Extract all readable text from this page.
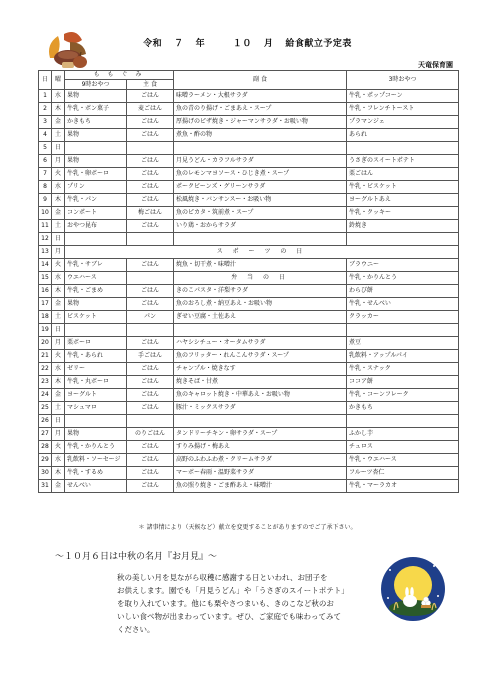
令和 ７ 年	１０ 月 給食献立予定表
天竜保育園
日	曜	も も ぐ み		副 食	3時おやつ
		9時おやつ	主 食		
1	水	果物	ごはん	味噌ラーメン・大根サラダ	牛乳・ポップコーン
2	木	牛乳・ボン菓子	麦ごはん	魚の青のり揚げ・ごまあえ・スープ	牛乳・フレンチトースト
3	金	かきもち	ごはん	厚揚げのピザ焼き・ジャーマンサラダ・お吸い物	プラマンジェ
4	土	果物	ごはん	煮魚・酢の物	あられ
5	日				
6	月	果物	ごはん	月見うどん・カラフルサラダ	うさぎのスイートポテト
7	火	牛乳・卵ボーロ	ごはん	魚のレモンマヨソース・ひじき煮・スープ	栗ごはん
8	水	プリン	ごはん	ポークビーンズ・グリーンサラダ	牛乳・ビスケット
9	木	牛乳・パン	ごはん	松風焼き・バンサンスー・お吸い物	ヨーグルトあえ
10	金	コンポート	梅ごはん	魚のピカタ・筑前煮・スープ	牛乳・クッキー
11	土	おやつ昆布	ごはん	いり鶏・おからサラダ	鈴焼き
12	日				
13	月	ス ポ ー ツ の 日			
14	火	牛乳・サブレ	ごはん	焼魚・切干煮・味噌汁	ブラウニー
15	水	ウエハース		弁 当 の 日	牛乳・かりんとう
16	木	牛乳・ごまめ	ごはん	きのこパスタ・洋梨サラダ	わらび餅
17	金	果物	ごはん	魚のおろし煮・納豆あえ・お吸い物	牛乳・せんべい
18	土	ビスケット	パン	ぎせい豆腐・土佐あえ	クラッカー
19	日				
20	月	栗ボーロ	ごはん	ハヤシシチュー・オータムサラダ	煮豆
21	火	牛乳・あられ	手ごはん	魚のフリッター・れんこんサラダ・スープ	乳飲料・アップルパイ
22	水	ゼリー	ごはん	チャンプル・焼きなす	牛乳・スナック
23	木	牛乳・丸ボーロ	ごはん	焼きそば・甘煮	ココア餅
24	金	ヨーグルト	ごはん	魚のキャロット焼き・中華あえ・お吸い物	牛乳・コーンフレーク
25	土	マシュマロ	ごはん	豚汁・ミックスサラダ	かきもち
26	日				
27	月	果物	のりごはん	タンドリーチキン・卵サラダ・スープ	ふかし芋
28	火	牛乳・かりんとう	ごはん	すりみ揚げ・梅あえ	チュロス
29	水	乳飲料・ソーセージ	ごはん	高野のふわふわ煮・クリームサラダ	牛乳・ウエハース
30	木	牛乳・するめ	ごはん	マーボー春雨・温野菜サラダ	フルーツ杏仁
31	金	せんべい	ごはん	魚の照り焼き・ごま酢あえ・味噌汁	牛乳・マーラカオ
＊ 諸事情により（天候など）献立を変更することがありますのでご了承下さい。
～１０月６日は中秋の名月『お月見』～
秋の美しい月を見ながら収穫に感謝する日といわれ、お団子を
お供えします。園でも「月見うどん」や「うさぎのスイートポテト」
を取り入れています。他にも栗やさつまいも、きのこなど秋のお
いしい食べ物が出まわっています。ぜひ、ご家庭でも味わってみて
ください。
